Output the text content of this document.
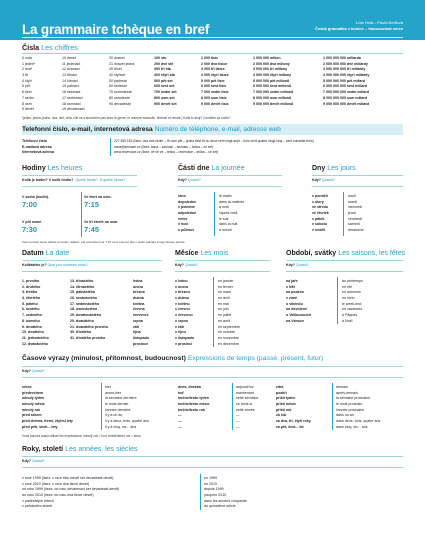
La grammaire tchèque en bref	Lída Holá – Pavla Bořilová
Česká gramatika v kostce – francouzská verze
Čísla Les chiffres
0 nula
1 jeden*
2 dva*
3 tři
4 čtyři
5 pět
6 šest
7 sedm
8 osm
9 devět
10 deset
11 jedenáct
12 dvanáct
13 třináct
14 čtrnáct
15 patnáct
16 šestnáct
17 sedmnáct
18 osmnáct
19 devatenáct
20 dvacet
21 dvacet jedna
30 třicet
40 čtyřicet
50 padesát
60 šedesát
70 sedmdesát
80 osmdesát
90 devadesát
100 sto
200 dvě stě
300 tři sta
400 čtyři sta
500 pět set
600 šest set
700 sedm set
800 osm set
900 devět set
1 000 tisíc
2 000 dva tisíce
3 000 tři tisíce
4 000 čtyři tisíce
5 000 pět tisíc
6 000 šest tisíc
7 000 sedm tisíc
8 000 osm tisíc
9 000 devět tisíc
1 000 000 milion
2 000 000 dva miliony
3 000 000 tři miliony
4 000 000 čtyři miliony
5 000 000 pět milionů
6 000 000 šest milionů
7 000 000 sedm milionů
8 000 000 osm milionů
9 000 000 devět milionů
1 000 000 000 miliarda
2 000 000 000 dvě miliardy
3 000 000 000 tři miliardy
4 000 000 000 čtyři miliardy
5 000 000 000 pět miliard
6 000 000 000 šest miliard
7 000 000 000 sedm miliard
8 000 000 000 osm miliard
9 000 000 000 devět miliard
*jeden, jedna, jedno; dva, dvě; cela, ciel ne s'accordent pas avec le genre, le nombre masculin, féminin et neutre | Kolik to stojí? Combien ça coûte?
Telefonní číslo, e-mail, internetová adresa Numéro de téléphone, e-mail, adresse web
Telefonní číslo
E-mailová adresa
Internetová adresa
227 385 163 (lisez: dva dva sedm – tři osm pět – jedna šest tři ou deux cent vingt-sept – trois cent quatre-vingt-cinq – cent soixante-trois)
anna@seznam.cz (lisez: anna – zavináč – seznam – tečka – cé zet)
www.recervace.cz (lisez: vé vé vé – tečka – recervace – tečka – cé zet)
Hodiny Les heures
Kolik je hodin? V kolik hodin? Quelle heure? À quelle heure?
V sedm (hodin).
7:00
Ve čtvrt na osm.
7:15
V půl osmé.
7:30
Ve tři čtvrtě na osm.
7:45
Vous pouvez aussi utiliser le temps "digital", par exemple pour 7:15 vous pouvez dire v sedm patnáct à sept heures quinze.
Části dne La journée
Kdy?Quand?
ráno
dopoledne
v poledne
odpoledne
večer
v noci
o půlnoci
le matin
dans la matinée
à midi
l'après-midi
le soir
dans la nuit
à minuit
Dny Les jours
Kdy?Quand?
v pondělí
v úterý
ve středu
ve čtvrtek
v pátek
v sobotu
v neděli
lundi
mardi
mercredi
jeudi
vendredi
samedi
dimanche
Datum La date
Kolikátého je?Quel jour sommes-nous?
1. prvního
2. druhého
3. třetího
4. čtvrtého
5. pátého
6. šestého
7. sedmého
8. osmého
9. devátého
10. desátého
11. jedenáctého
12. dvanáctého
13. třináctého
14. čtrnáctého
15. patnáctého
16. šestnáctého
17. sedmnáctého
18. osmnáctého
19. devatenáctého
20. dvacátého
21. dvacátého prvního
30. třicátého
31. třicátého prvního
ledna
února
března
dubna
května
června
července
srpna
září
října
listopadu
prosince
Měsíce Les mois
Kdy?Quand?
v lednu
v únoru
v březnu
v dubnu
v květnu
v červnu
v červenci
v srpnu
v září
v říjnu
v listopadu
v prosinci
en janvier
en février
en mars
en avril
en mai
en juin
en juillet
en août
en septembre
en octobre
en novembre
en décembre
Období, svátky Les saisons, les fêtes
Kdy?Quand?
na jaře
v létě
na podzim
v zimě
o víkendu
na dovolené
o Velikonocích
na Vánoce
au printemps
en été
en automne
en hiver
le week-end
en vacances
à Pâques
à Noël
Časové výrazy (minulost, přítomnost, budoucnost) Expressions de temps (passé, présent, futur)
Kdy?Quand?
včera
předevčírem
minulý týden
minulý měsíc
minulý rok
před rokem
před dvěma, třemi, čtyřmi lety
před pěti, šesti... lety
hier
avant-hier
la semaine dernière
le mois dernier
l'année dernière
il y a un an
il y a deux, trois, quatre ans
il y a cinq, six... ans
dnes, dneska
teď
tenhle/tento týden
tenhle/tento měsíc
tenhle/tento rok
—
—
—
aujourd'hui
maintenant
cette semaine
ce mois-ci
cette année
—
—
—
zítra
pozítří
příští týden
příští měsíc
příští rok
za rok
za dva, tři, čtyři roky
za pět, šest... let
demain
après-demain
la semaine prochaine
le mois prochain
l'année prochaine
dans un an
dans deux, trois, quatre ans
dans cinq, six... ans
Vous pouvez aussi utiliser les expressions: minulý rok = loni, tenhle/tento rok = letos.
Roky, století Les années, les siècles
Kdy?Quand?
v roce 1999 (lisez: v roce tisíc devět set devadesát devět)
v roce 2010 (lisez: v roce dva tisíce deset)
od roku 1999 (lisez: od roku devatenáct set devadesát devět)
do roku 2010 (lisez: do roku dva tisíce deset)
v padesátých letech
v patnáctém století
en 1999
en 2010
depuis 1999
jusqu'en 2010
dans les années cinquante
au quinzième siècle
